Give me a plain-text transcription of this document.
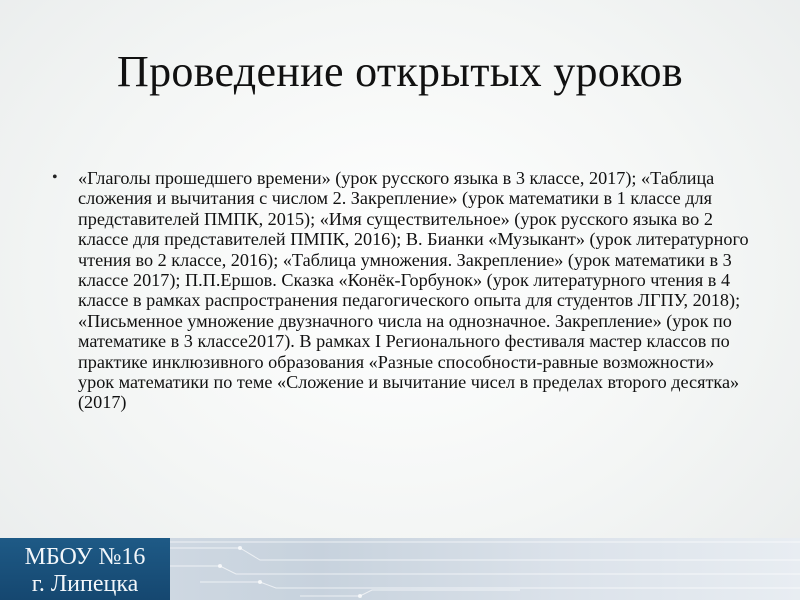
Проведение открытых уроков
•	«Глаголы прошедшего времени» (урок русского языка в 3 классе, 2017); «Таблица сложения и вычитания с числом 2. Закрепление» (урок математики в 1 классе для представителей ПМПК, 2015); «Имя существительное» (урок русского языка во 2 классе для представителей ПМПК, 2016); В. Бианки «Музыкант» (урок литературного чтения во 2 классе, 2016); «Таблица умножения. Закрепление» (урок математики в 3 классе 2017); П.П.Ершов. Сказка «Конёк-Горбунок» (урок литературного чтения в 4 классе в рамках распространения педагогического опыта для студентов ЛГПУ, 2018); «Письменное умножение двузначного числа на однозначное. Закрепление» (урок по математике в 3 классе2017). В рамках I Регионального фестиваля мастер классов по практике инклюзивного образования «Разные способности-равные возможности» урок математики по теме «Сложение и вычитание чисел в пределах второго десятка» (2017)
МБОУ №16
г. Липецка
